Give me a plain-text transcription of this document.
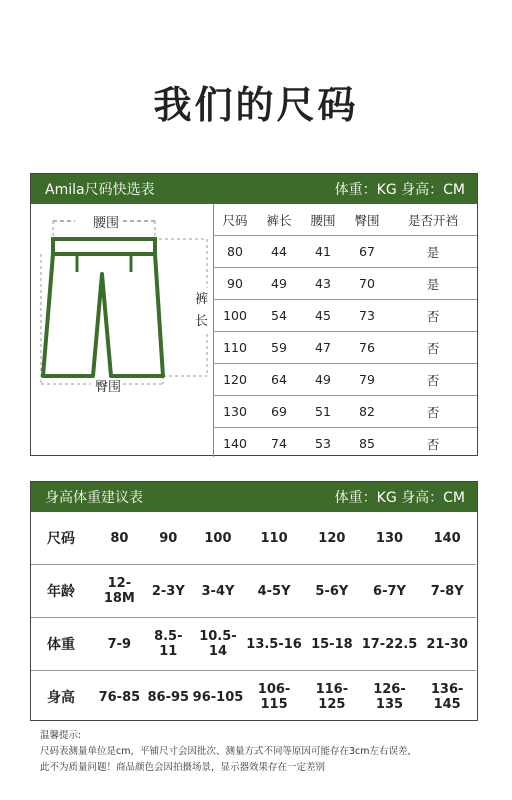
我们的尺码
Amila尺码快选表	体重：KG 身高：CM
腰围
裤
长
臀围
尺码	裤长	腰围	臀围	是否开裆
80	44	41	67	是
90	49	43	70	是
100	54	45	73	否
110	59	47	76	否
120	64	49	79	否
130	69	51	82	否
140	74	53	85	否
身高体重建议表	体重：KG 身高：CM
尺码	80	90	100	110	120	130	140
年龄	12-18M	2-3Y	3-4Y	4-5Y	5-6Y	6-7Y	7-8Y
体重	7-9	8.5-11	10.5-14	13.5-16	15-18	17-22.5	21-30
身高	76-85	86-95	96-105	106-115	116-125	126-135	136-145
温馨提示:
尺码表测量单位是cm，平铺尺寸会因批次、测量方式不同等原因可能存在3cm左右误差，
此不为质量问题！商品颜色会因拍摄场景，显示器效果存在一定差别
